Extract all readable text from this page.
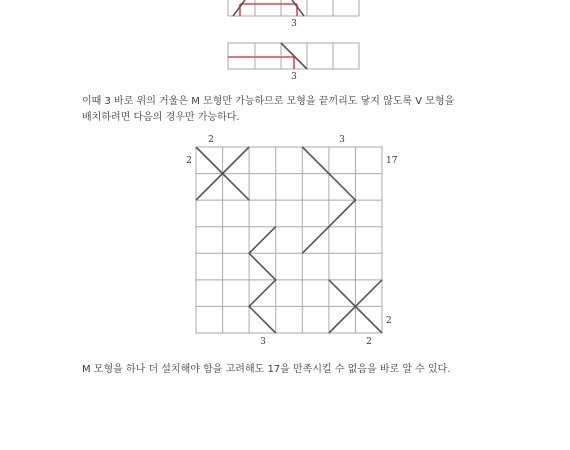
3
3
2	3
2	17
2
3	2

이때 3 바로 위의 거울은 M 모형만 가능하므로 모형을 끝끼리도 닿지 않도록 V 모형을

배치하려면 다음의 경우만 가능하다.

M 모형을 하나 더 설치해야 함을 고려해도 17을 만족시킬 수 없음을 바로 알 수 있다.
